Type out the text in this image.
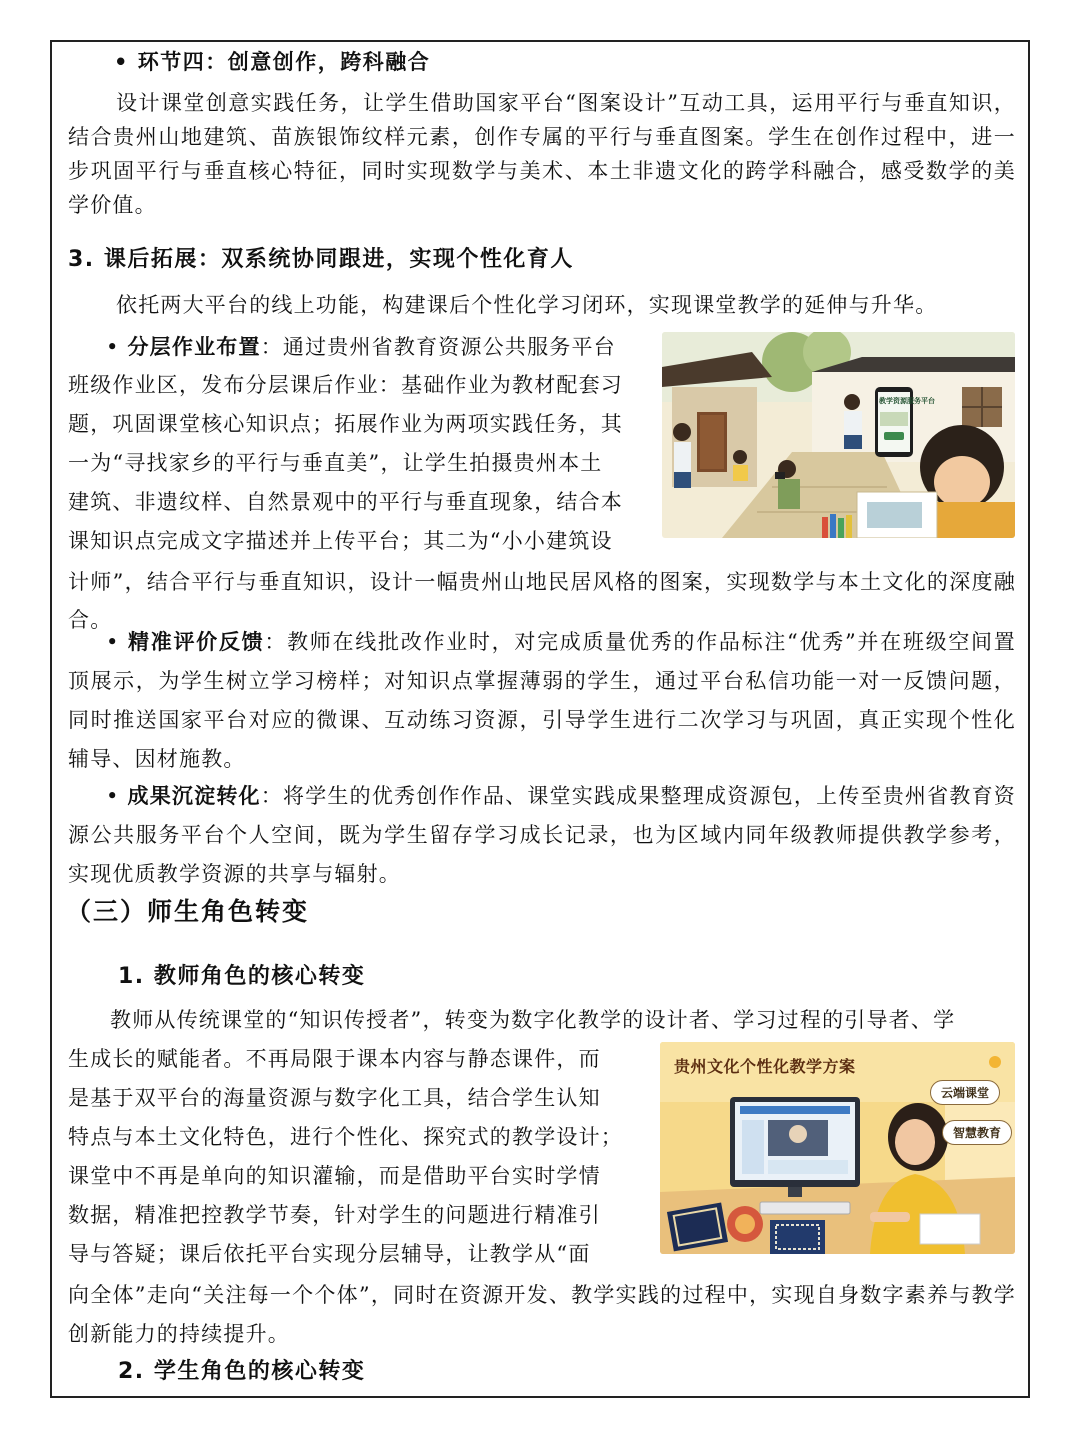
• 环节四：创意创作，跨科融合
设计课堂创意实践任务，让学生借助国家平台“图案设计”互动工具，运用平行与垂直知识，结合贵州山地建筑、苗族银饰纹样元素，创作专属的平行与垂直图案。学生在创作过程中，进一步巩固平行与垂直核心特征，同时实现数学与美术、本土非遗文化的跨学科融合，感受数学的美学价值。
3. 课后拓展：双系统协同跟进，实现个性化育人
依托两大平台的线上功能，构建课后个性化学习闭环，实现课堂教学的延伸与升华。
• 分层作业布置：通过贵州省教育资源公共服务平台
班级作业区，发布分层课后作业：基础作业为教材配套习
题，巩固课堂核心知识点；拓展作业为两项实践任务，其
一为“寻找家乡的平行与垂直美”，让学生拍摄贵州本土
建筑、非遗纹样、自然景观中的平行与垂直现象，结合本
课知识点完成文字描述并上传平台；其二为“小小建筑设
计师”，结合平行与垂直知识，设计一幅贵州山地民居风格的图案，实现数学与本土文化的深度融合。
教学资源服务平台
• 精准评价反馈：教师在线批改作业时，对完成质量优秀的作品标注“优秀”并在班级空间置顶展示，为学生树立学习榜样；对知识点掌握薄弱的学生，通过平台私信功能一对一反馈问题，同时推送国家平台对应的微课、互动练习资源，引导学生进行二次学习与巩固，真正实现个性化辅导、因材施教。
• 成果沉淀转化：将学生的优秀创作作品、课堂实践成果整理成资源包，上传至贵州省教育资源公共服务平台个人空间，既为学生留存学习成长记录，也为区域内同年级教师提供教学参考，实现优质教学资源的共享与辐射。
（三）师生角色转变
1. 教师角色的核心转变
教师从传统课堂的“知识传授者”，转变为数字化教学的设计者、学习过程的引导者、学
生成长的赋能者。不再局限于课本内容与静态课件，而
是基于双平台的海量资源与数字化工具，结合学生认知
特点与本土文化特色，进行个性化、探究式的教学设计；
课堂中不再是单向的知识灌输，而是借助平台实时学情
数据，精准把控教学节奏，针对学生的问题进行精准引
导与答疑；课后依托平台实现分层辅导，让教学从“面
向全体”走向“关注每一个个体”，同时在资源开发、教学实践的过程中，实现自身数字素养与教学创新能力的持续提升。
贵州文化个性化教学方案
云端课堂
智慧教育
2. 学生角色的核心转变
